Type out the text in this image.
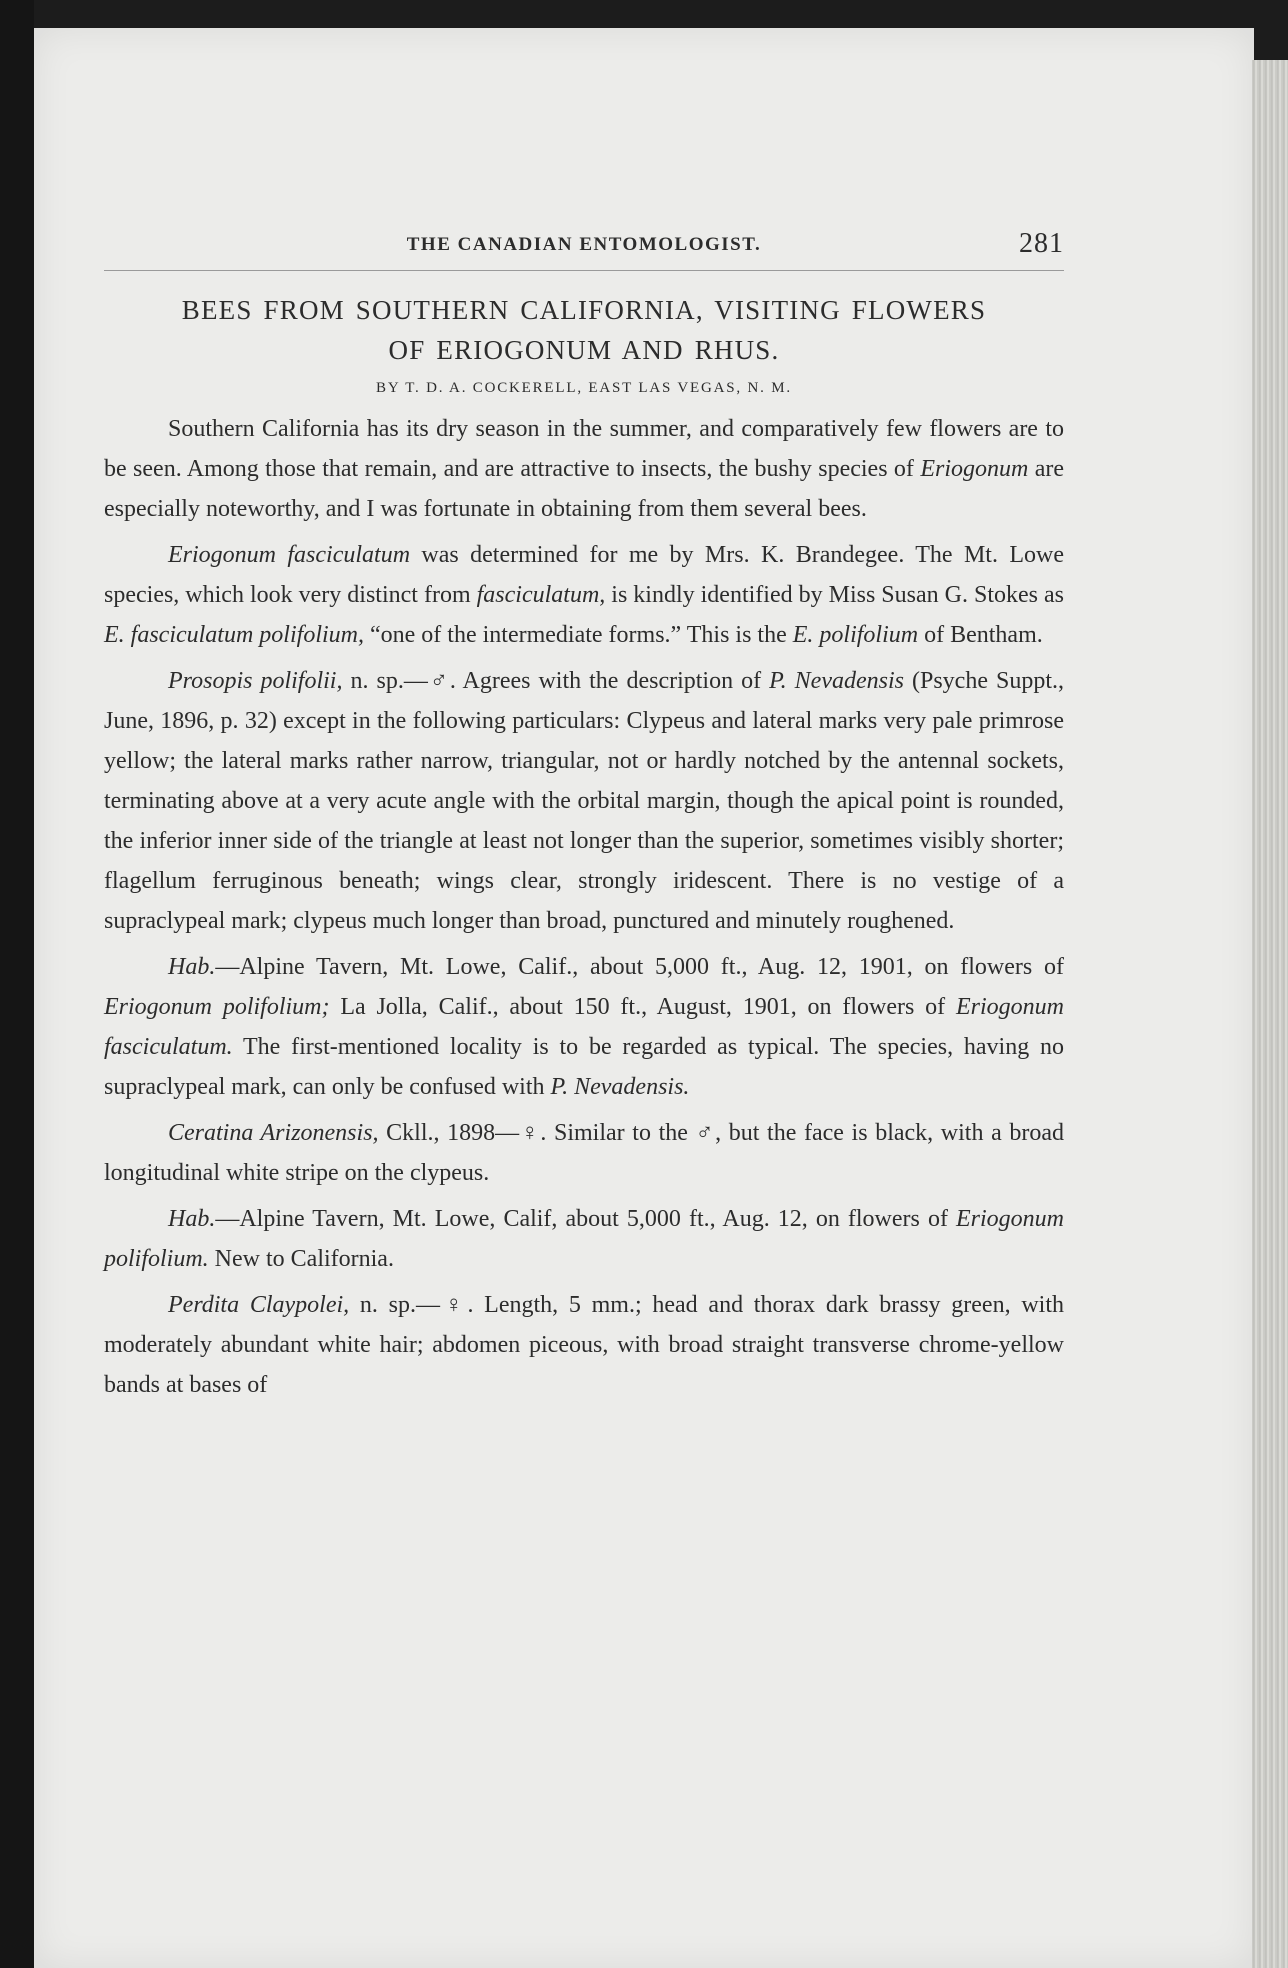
THE CANADIAN ENTOMOLOGIST.	281
BEES FROM SOUTHERN CALIFORNIA, VISITING FLOWERS
OF ERIOGONUM AND RHUS.
BY T. D. A. COCKERELL, EAST LAS VEGAS, N. M.

Southern California has its dry season in the summer, and comparatively few flowers are to be seen. Among those that remain, and are attractive to insects, the bushy species of Eriogonum are especially noteworthy, and I was fortunate in obtaining from them several bees.

Eriogonum fasciculatum was determined for me by Mrs. K. Brandegee. The Mt. Lowe species, which look very distinct from fasciculatum, is kindly identified by Miss Susan G. Stokes as E. fasciculatum polifolium, “one of the intermediate forms.” This is the E. polifolium of Bentham.

Prosopis polifolii, n. sp.—♂. Agrees with the description of P. Nevadensis (Psyche Suppt., June, 1896, p. 32) except in the following particulars: Clypeus and lateral marks very pale primrose yellow; the lateral marks rather narrow, triangular, not or hardly notched by the antennal sockets, terminating above at a very acute angle with the orbital margin, though the apical point is rounded, the inferior inner side of the triangle at least not longer than the superior, sometimes visibly shorter; flagellum ferruginous beneath; wings clear, strongly iridescent. There is no vestige of a supraclypeal mark; clypeus much longer than broad, punctured and minutely roughened.

Hab.—Alpine Tavern, Mt. Lowe, Calif., about 5,000 ft., Aug. 12, 1901, on flowers of Eriogonum polifolium; La Jolla, Calif., about 150 ft., August, 1901, on flowers of Eriogonum fasciculatum. The first-mentioned locality is to be regarded as typical. The species, having no supraclypeal mark, can only be confused with P. Nevadensis.

Ceratina Arizonensis, Ckll., 1898—♀. Similar to the ♂, but the face is black, with a broad longitudinal white stripe on the clypeus.

Hab.—Alpine Tavern, Mt. Lowe, Calif, about 5,000 ft., Aug. 12, on flowers of Eriogonum polifolium. New to California.

Perdita Claypolei, n. sp.—♀. Length, 5 mm.; head and thorax dark brassy green, with moderately abundant white hair; abdomen piceous, with broad straight transverse chrome-yellow bands at bases of
